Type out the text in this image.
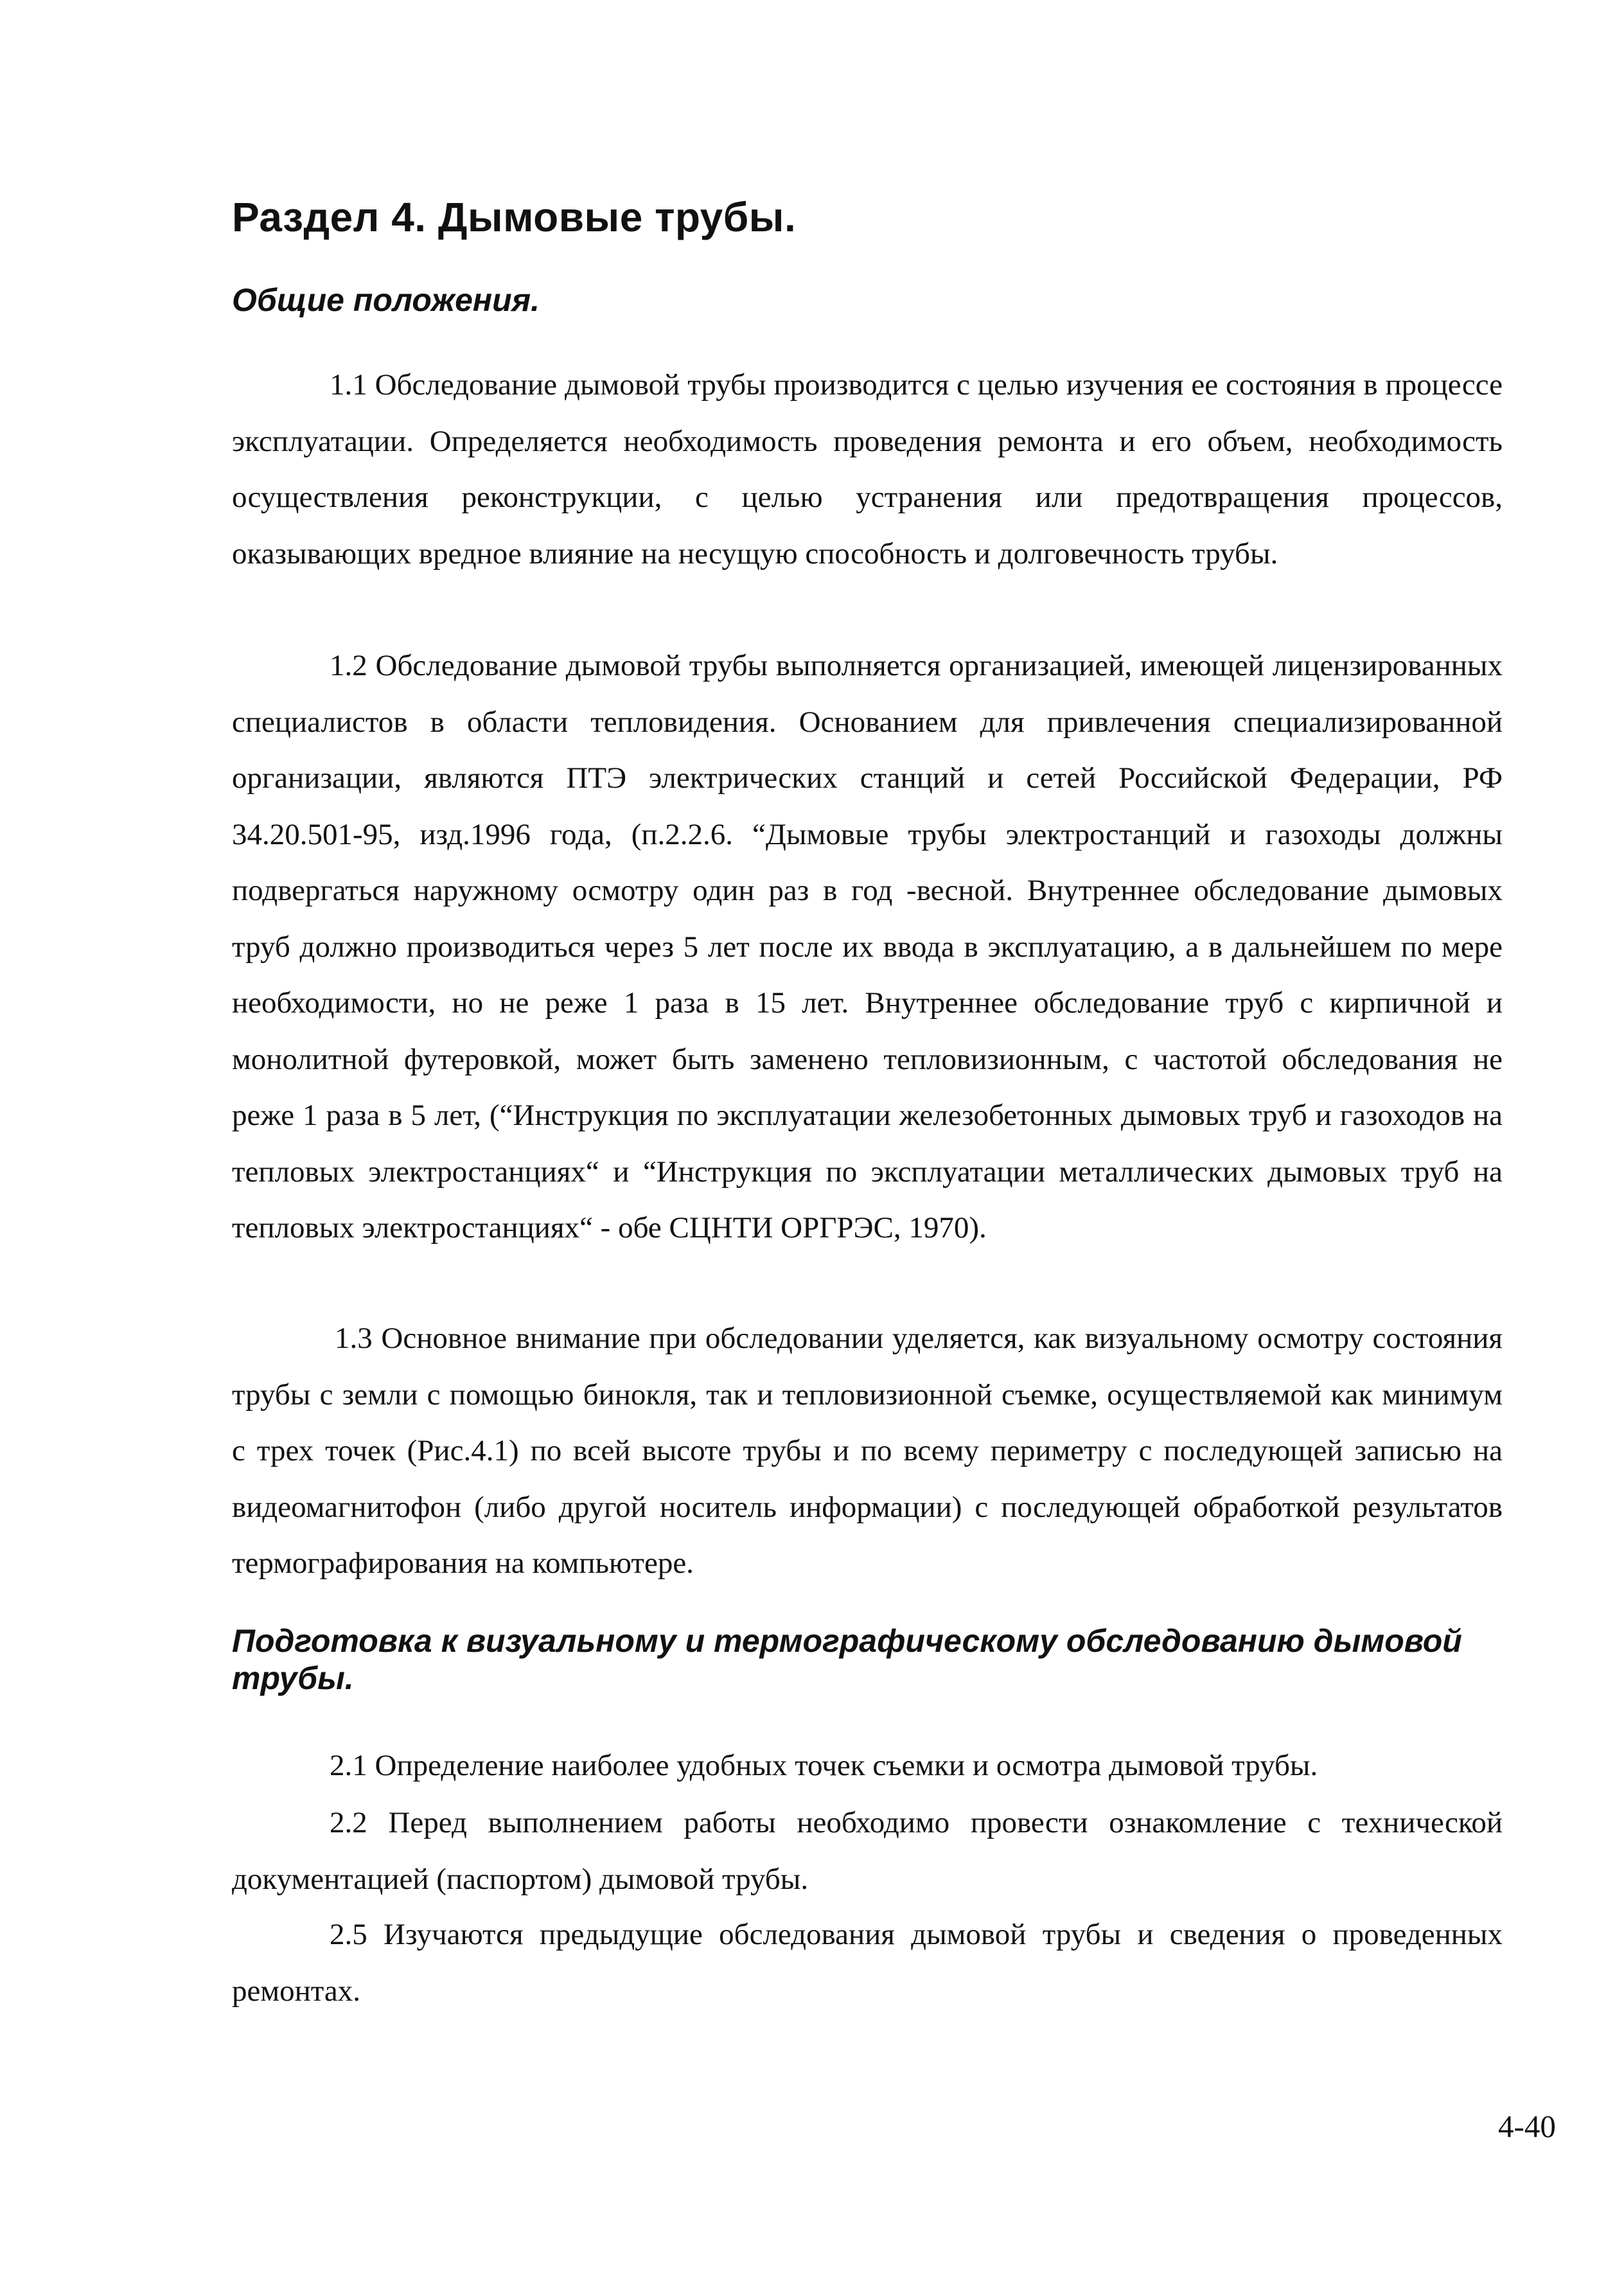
Раздел 4. Дымовые трубы.
Общие положения.

1.1 Обследование дымовой трубы производится с целью изучения ее состояния в процессе эксплуатации. Определяется необходимость проведения ремонта и его объем, необходимость осуществления реконструкции, с целью устранения или предотвращения процессов, оказывающих вредное влияние на несущую способность и долговечность трубы.

1.2 Обследование дымовой трубы выполняется организацией, имеющей лицензированных специалистов в области тепловидения. Основанием для привлечения специализированной организации, являются ПТЭ электрических станций и сетей Российской Федерации, РФ 34.20.501-95, изд.1996 года, (п.2.2.6. “Дымовые трубы электростанций и газоходы должны подвергаться наружному осмотру один раз в год -весной. Внутреннее обследование дымовых труб должно производиться через 5 лет после их ввода в эксплуатацию, а в дальнейшем по мере необходимости, но не реже 1 раза в 15 лет. Внутреннее обследование труб с кирпичной и монолитной футеровкой, может быть заменено тепловизионным, с частотой обследования не реже 1 раза в 5 лет, (“Инструкция по эксплуатации железобетонных дымовых труб и газоходов на тепловых электростанциях“ и “Инструкция по эксплуатации металлических дымовых труб на тепловых электростанциях“ - обе СЦНТИ ОРГРЭС, 1970).

1.3 Основное внимание при обследовании уделяется, как визуальному осмотру состояния трубы с земли с помощью бинокля, так и тепловизионной съемке, осуществляемой как минимум с трех точек (Рис.4.1) по всей высоте трубы и по всему периметру с последующей записью на видеомагнитофон (либо другой носитель информации) с последующей обработкой результатов термографирования на компьютере.

Подготовка к визуальному и термографическому обследованию дымовой трубы.

2.1 Определение наиболее удобных точек съемки и осмотра дымовой трубы.

2.2 Перед выполнением работы необходимо провести ознакомление с технической документацией (паспортом) дымовой трубы.

2.5 Изучаются предыдущие обследования дымовой трубы и сведения о проведенных ремонтах.

4-40
